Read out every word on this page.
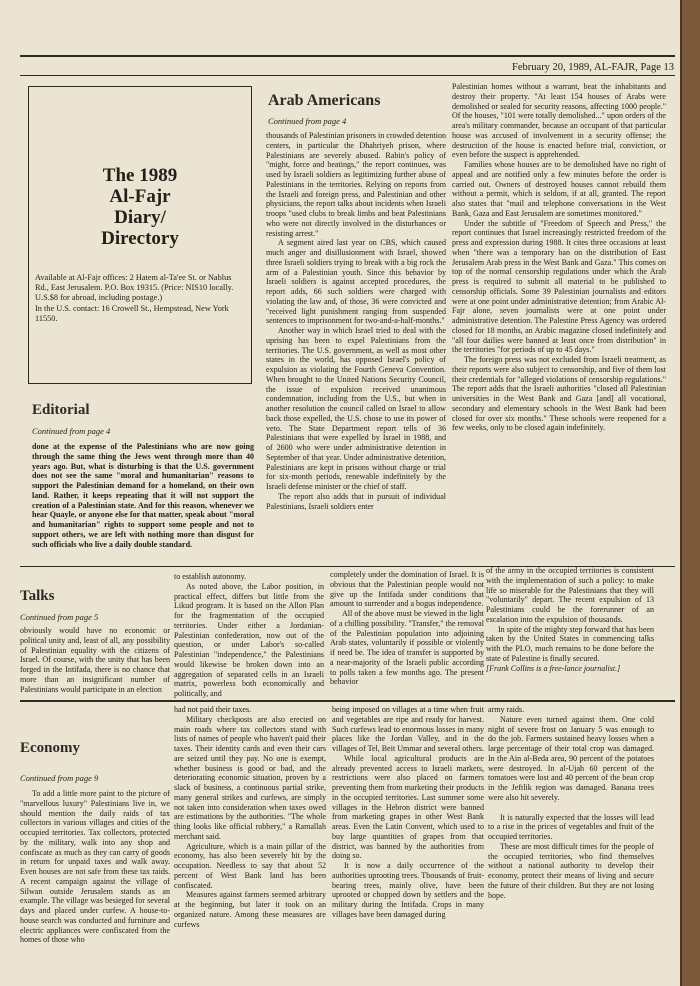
February 20, 1989, AL-FAJR, Page 13
The 1989
Al-Fajr
Diary/
Directory

Available at Al-Fajr offices: 2 Hatem al-Ta'ee St. or Nablus Rd., East Jerusalem. P.O. Box 19315. (Price: NIS10 locally. U.S.$8 for abroad, including postage.)

In the U.S. contact: 16 Crowell St., Hempstead, New York 11550.

Editorial
Continued from page 4

done at the expense of the Palestinians who are now going through the same thing the Jews went through more than 40 years ago. But, what is disturbing is that the U.S. government does not see the same "moral and humanitarian" reasons to support the Palestinian demand for a homeland, on their own land. Rather, it keeps repeating that it will not support the creation of a Palestinian state. And for this reason, whenever we hear Quayle, or anyone else for that matter, speak about "moral and humanitarian" rights to support some people and not to support others, we are left with nothing more than disgust for such officials who live a daily double standard.

Arab Americans
Continued from page 4

thousands of Palestinian prisoners in crowded detention centers, in particular the Dhahriyeh prison, where Palestinians are severely abused. Rabin's policy of "might, force and beatings," the report continues, was used by Israeli soldiers as legitimizing further abuse of Palestinians in the territories. Relying on reports from the Israeli and foreign press, and Palestinian and other physicians, the report talks about incidents when Israeli troops "used clubs to break limbs and beat Palestinians who were not directly involved in the disturbances or resisting arrest."

A segment aired last year on CBS, which caused much anger and disillusionment with Israel, showed three Israeli soldiers trying to break with a big rock the arm of a Palestinian youth. Since this behavior by Israeli soldiers is against accepted procedures, the report adds, 66 such soldiers were charged with violating the law and, of those, 36 were convicted and "received light punishment ranging from suspended sentences to imprisonment for two-and-a-half-months."

Another way in which Israel tried to deal with the uprising has been to expel Palestinians from the territories. The U.S. government, as well as most other states in the world, has opposed Israel's policy of expulsion as violating the Fourth Geneva Convention. When brought to the United Nations Security Council, the issue of expulsion received unanimous condemnation, including from the U.S., but when in another resolution the council called on Israel to allow back those expelled, the U.S. chose to use its power of veto. The State Department report tells of 36 Palestinians that were expelled by Israel in 1988, and of 2600 who were under administrative detention in September of that year. Under administrative detention, Palestinians are kept in prisons without charge or trial for six-month periods, renewable indefinitely by the Israeli defense minister or the chief of staff.

The report also adds that in pursuit of individual Palestinians, Israeli soldiers enter

Palestinian homes without a warrant, beat the inhabitants and destroy their property. "At least 154 houses of Arabs were demolished or sealed for security reasons, affecting 1000 people." Of the houses, "101 were totally demolished..." upon orders of the area's military commander, because an occupant of that particular house was accused of involvement in a security offense; the destruction of the house is enacted before trial, conviction, or even before the suspect is apprehended.

Families whose houses are to be demolished have no right of appeal and are notified only a few minutes before the order is carried out. Owners of destroyed houses cannot rebuild them without a permit, which is seldom, if at all, granted. The report also states that "mail and telephone conversations in the West Bank, Gaza and East Jerusalem are sometimes monitored."

Under the subtitle of "Freedom of Speech and Press," the report continues that Israel increasingly restricted freedom of the press and expression during 1988. It cites three occasions at least when "there was a temporary ban on the distribution of East Jerusalem Arab press in the West Bank and Gaza." This comes on top of the normal censorship regulations under which the Arab press is required to submit all material to be published to censorship officials. Some 39 Palestinian journalists and editors were at one point under administrative detention; from Arabic Al-Fajr alone, seven journalists were at one point under administrative detention. The Palestine Press Agency was ordered closed for 18 months, an Arabic magazine closed indefinitely and "all four dailies were banned at least once from distribution" in the territories "for periods of up to 45 days."

The foreign press was not excluded from Israeli treatment, as their reports were also subject to censorship, and five of them lost their credentials for "alleged violations of censorship regulations." The report adds that the Israeli authorities "closed all Palestinian universities in the West Bank and Gaza [and] all vocational, secondary and elementary schools in the West Bank had been closed for over six months." These schools were reopened for a few weeks, only to be closed again indefinitely.

Talks
Continued from page 5

obviously would have no economic or political unity and, least of all, any possibility of Palestinian equality with the citizens of Israel. Of course, with the unity that has been forged in the Intifada, there is no chance that more than an insignificant number of Palestinians would participate in an election

to establish autonomy.

As noted above, the Labor position, in practical effect, differs but little from the Likud program. It is based on the Allon Plan for the fragmentation of the occupied territories. Under either a Jordanian-Palestinian confederation, now out of the question, or under Labor's so-called Palestinian "independence," the Palestinians would likewise be broken down into an aggregation of separated cells in an Israeli matrix, powerless both economically and politically, and

completely under the domination of Israel. It is obvious that the Palestinian people would not give up the Intifada under conditions that amount to surrender and a bogus independence.

All of the above must be viewed in the light of a chilling possibility. "Transfer," the removal of the Palestinian population into adjoining Arab states, voluntarily if possible or violently if need be. The idea of transfer is supported by a near-majority of the Israeli public according to polls taken a few months ago. The present behavior

of the army in the occupied territories is consistent with the implementation of such a policy: to make life so miserable for the Palestinians that they will "voluntarily" depart. The recent expulsion of 13 Palestinians could be the forerunner of an escalation into the expulsion of thousands.

In spite of the mighty step forward that has been taken by the United States in commencing talks with the PLO, much remains to be done before the state of Palestine is finally secured.

[Frank Collins is a free-lance journalist.]

Economy
Continued from page 9

To add a little more paint to the picture of "marvellous luxury" Palestinians live in, we should mention the daily raids of tax collectors in various villages and cities of the occupied territories. Tax collectors, protected by the military, walk into any shop and confiscate as much as they can carry of goods in return for unpaid taxes and walk away. Even houses are not safe from these tax raids. A recent campaign against the village of Silwan outside Jerusalem stands as an example. The village was besieged for several days and placed under curfew. A house-to-house search was conducted and furniture and electric appliances were confiscated from the homes of those who

had not paid their taxes.

Military checkposts are also erected on main roads where tax collectors stand with lists of names of people who haven't paid their taxes. Their identity cards and even their cars are seized until they pay. No one is exempt, whether business is good or bad, and the deteriorating economic situation, proven by a slack of business, a continuous partial strike, many general strikes and curfews, are simply not taken into consideration when taxes owed are estimations by the authorities. "The whole thing looks like official robbery," a Ramallah merchant said.

Agriculture, which is a main pillar of the economy, has also been severely hit by the occupation. Needless to say that about 52 percent of West Bank land has been confiscated.

Measures against farmers seemed arbitrary at the beginning, but later it took on an organized nature. Among these measures are curfews

being imposed on villages at a time when fruit and vegetables are ripe and ready for harvest. Such curfews lead to enormous losses in many places like the Jordan Valley, and in the villages of Tel, Beit Ummar and several others.

While local agricultural products are already prevented access to Israeli markets, restrictions were also placed on farmers preventing them from marketing their products in the occupied territories. Last summer some villages in the Hebron district were banned from marketing grapes in other West Bank areas. Even the Latin Convent, which used to buy large quantities of grapes from that district, was banned by the authorities from doing so.

It is now a daily occurrence of the authorities uprooting trees. Thousands of fruit-bearing trees, mainly olive, have been uprooted or chopped down by settlers and the military during the Intifada. Crops in many villages have been damaged during

army raids.

Nature even turned against them. One cold night of severe frost on January 5 was enough to do the job. Farmers sustained heavy losses when a large percentage of their total crop was damaged. In the Ain al-Beda area, 90 percent of the potatoes were destroyed. In al-Ujah 60 percent of the tomatoes were lost and 40 percent of the bean crop in the Jeftlik region was damaged. Banana trees were also hit severely.

It is naturally expected that the losses will lead to a rise in the prices of vegetables and fruit of the occupied territories.

These are most difficult times for the people of the occupied territories, who find themselves without a national authority to develop their economy, protect their means of living and secure the future of their children. But they are not losing hope.
